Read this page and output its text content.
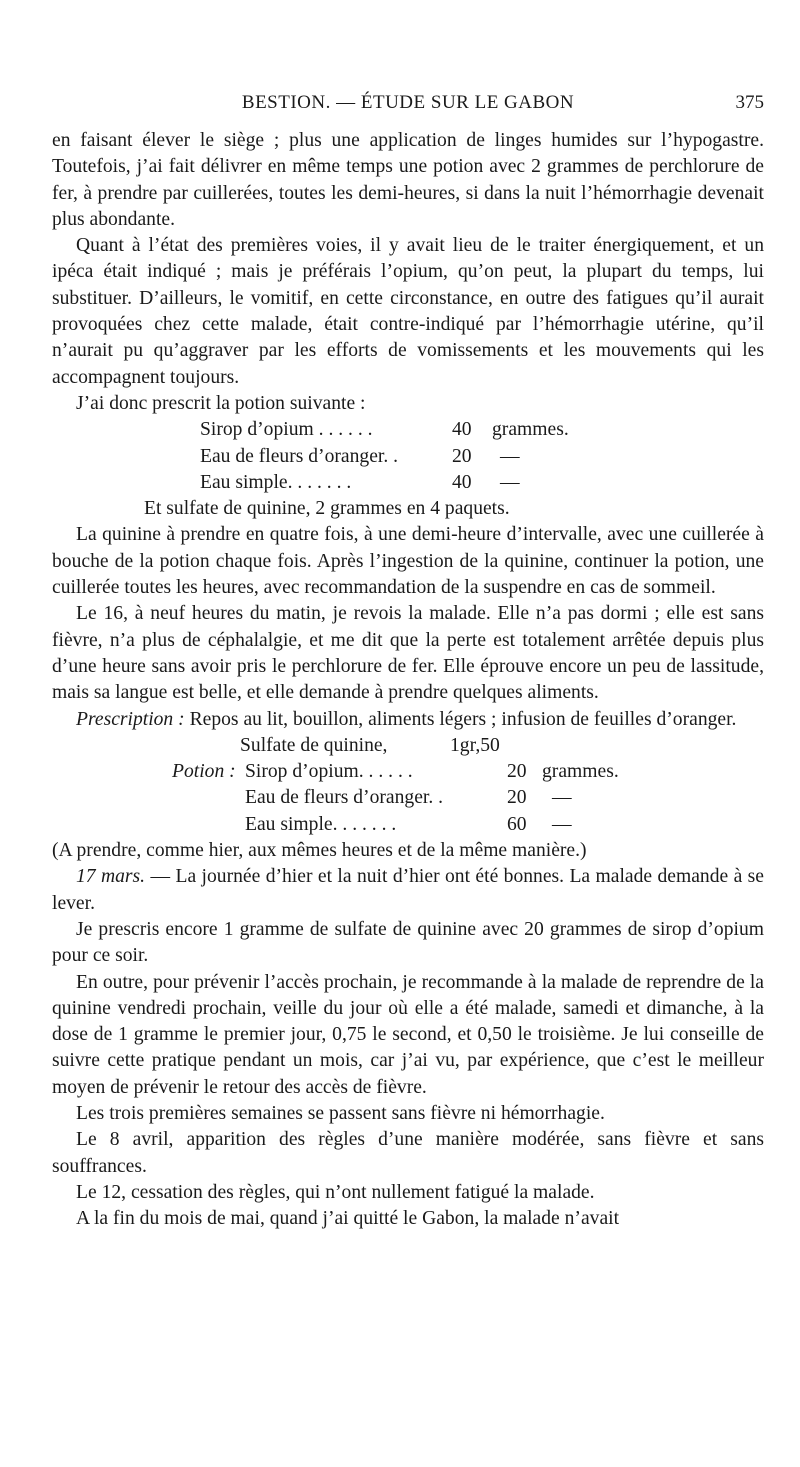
BESTION. — ÉTUDE SUR LE GABON	375

en faisant élever le siège ; plus une application de linges humides sur l’hypogastre. Toutefois, j’ai fait délivrer en même temps une potion avec 2 grammes de perchlorure de fer, à prendre par cuillerées, toutes les demi-heures, si dans la nuit l’hémorrhagie devenait plus abondante.

Quant à l’état des premières voies, il y avait lieu de le traiter énergiquement, et un ipéca était indiqué ; mais je préférais l’opium, qu’on peut, la plupart du temps, lui substituer. D’ailleurs, le vomitif, en cette circonstance, en outre des fatigues qu’il aurait provoquées chez cette malade, était contre-indiqué par l’hémorrhagie utérine, qu’il n’aurait pu qu’aggraver par les efforts de vomissements et les mouvements qui les accompagnent toujours.

J’ai donc prescrit la potion suivante :

Sirop d’opium . . . . . .	40 grammes.
Eau de fleurs d’oranger. .	20 —
Eau simple. . . . . . .	40 —
Et sulfate de quinine, 2 grammes en 4 paquets.

La quinine à prendre en quatre fois, à une demi-heure d’intervalle, avec une cuillerée à bouche de la potion chaque fois. Après l’ingestion de la quinine, continuer la potion, une cuillerée toutes les heures, avec recommandation de la suspendre en cas de sommeil.

Le 16, à neuf heures du matin, je revois la malade. Elle n’a pas dormi ; elle est sans fièvre, n’a plus de céphalalgie, et me dit que la perte est totalement arrêtée depuis plus d’une heure sans avoir pris le perchlorure de fer. Elle éprouve encore un peu de lassitude, mais sa langue est belle, et elle demande à prendre quelques aliments.

Prescription : Repos au lit, bouillon, aliments légers ; infusion de feuilles d’oranger.

Sulfate de quinine,	1gr,50
Potion : Sirop d’opium. . . . . .	20 grammes.
Eau de fleurs d’oranger. .	20 —
Eau simple. . . . . . .	60 —

(A prendre, comme hier, aux mêmes heures et de la même manière.)

17 mars. — La journée d’hier et la nuit d’hier ont été bonnes. La malade demande à se lever.

Je prescris encore 1 gramme de sulfate de quinine avec 20 grammes de sirop d’opium pour ce soir.

En outre, pour prévenir l’accès prochain, je recommande à la malade de reprendre de la quinine vendredi prochain, veille du jour où elle a été malade, samedi et dimanche, à la dose de 1 gramme le premier jour, 0,75 le second, et 0,50 le troisième. Je lui conseille de suivre cette pratique pendant un mois, car j’ai vu, par expérience, que c’est le meilleur moyen de prévenir le retour des accès de fièvre.

Les trois premières semaines se passent sans fièvre ni hémorrhagie.

Le 8 avril, apparition des règles d’une manière modérée, sans fièvre et sans souffrances.

Le 12, cessation des règles, qui n’ont nullement fatigué la malade.

A la fin du mois de mai, quand j’ai quitté le Gabon, la malade n’avait
